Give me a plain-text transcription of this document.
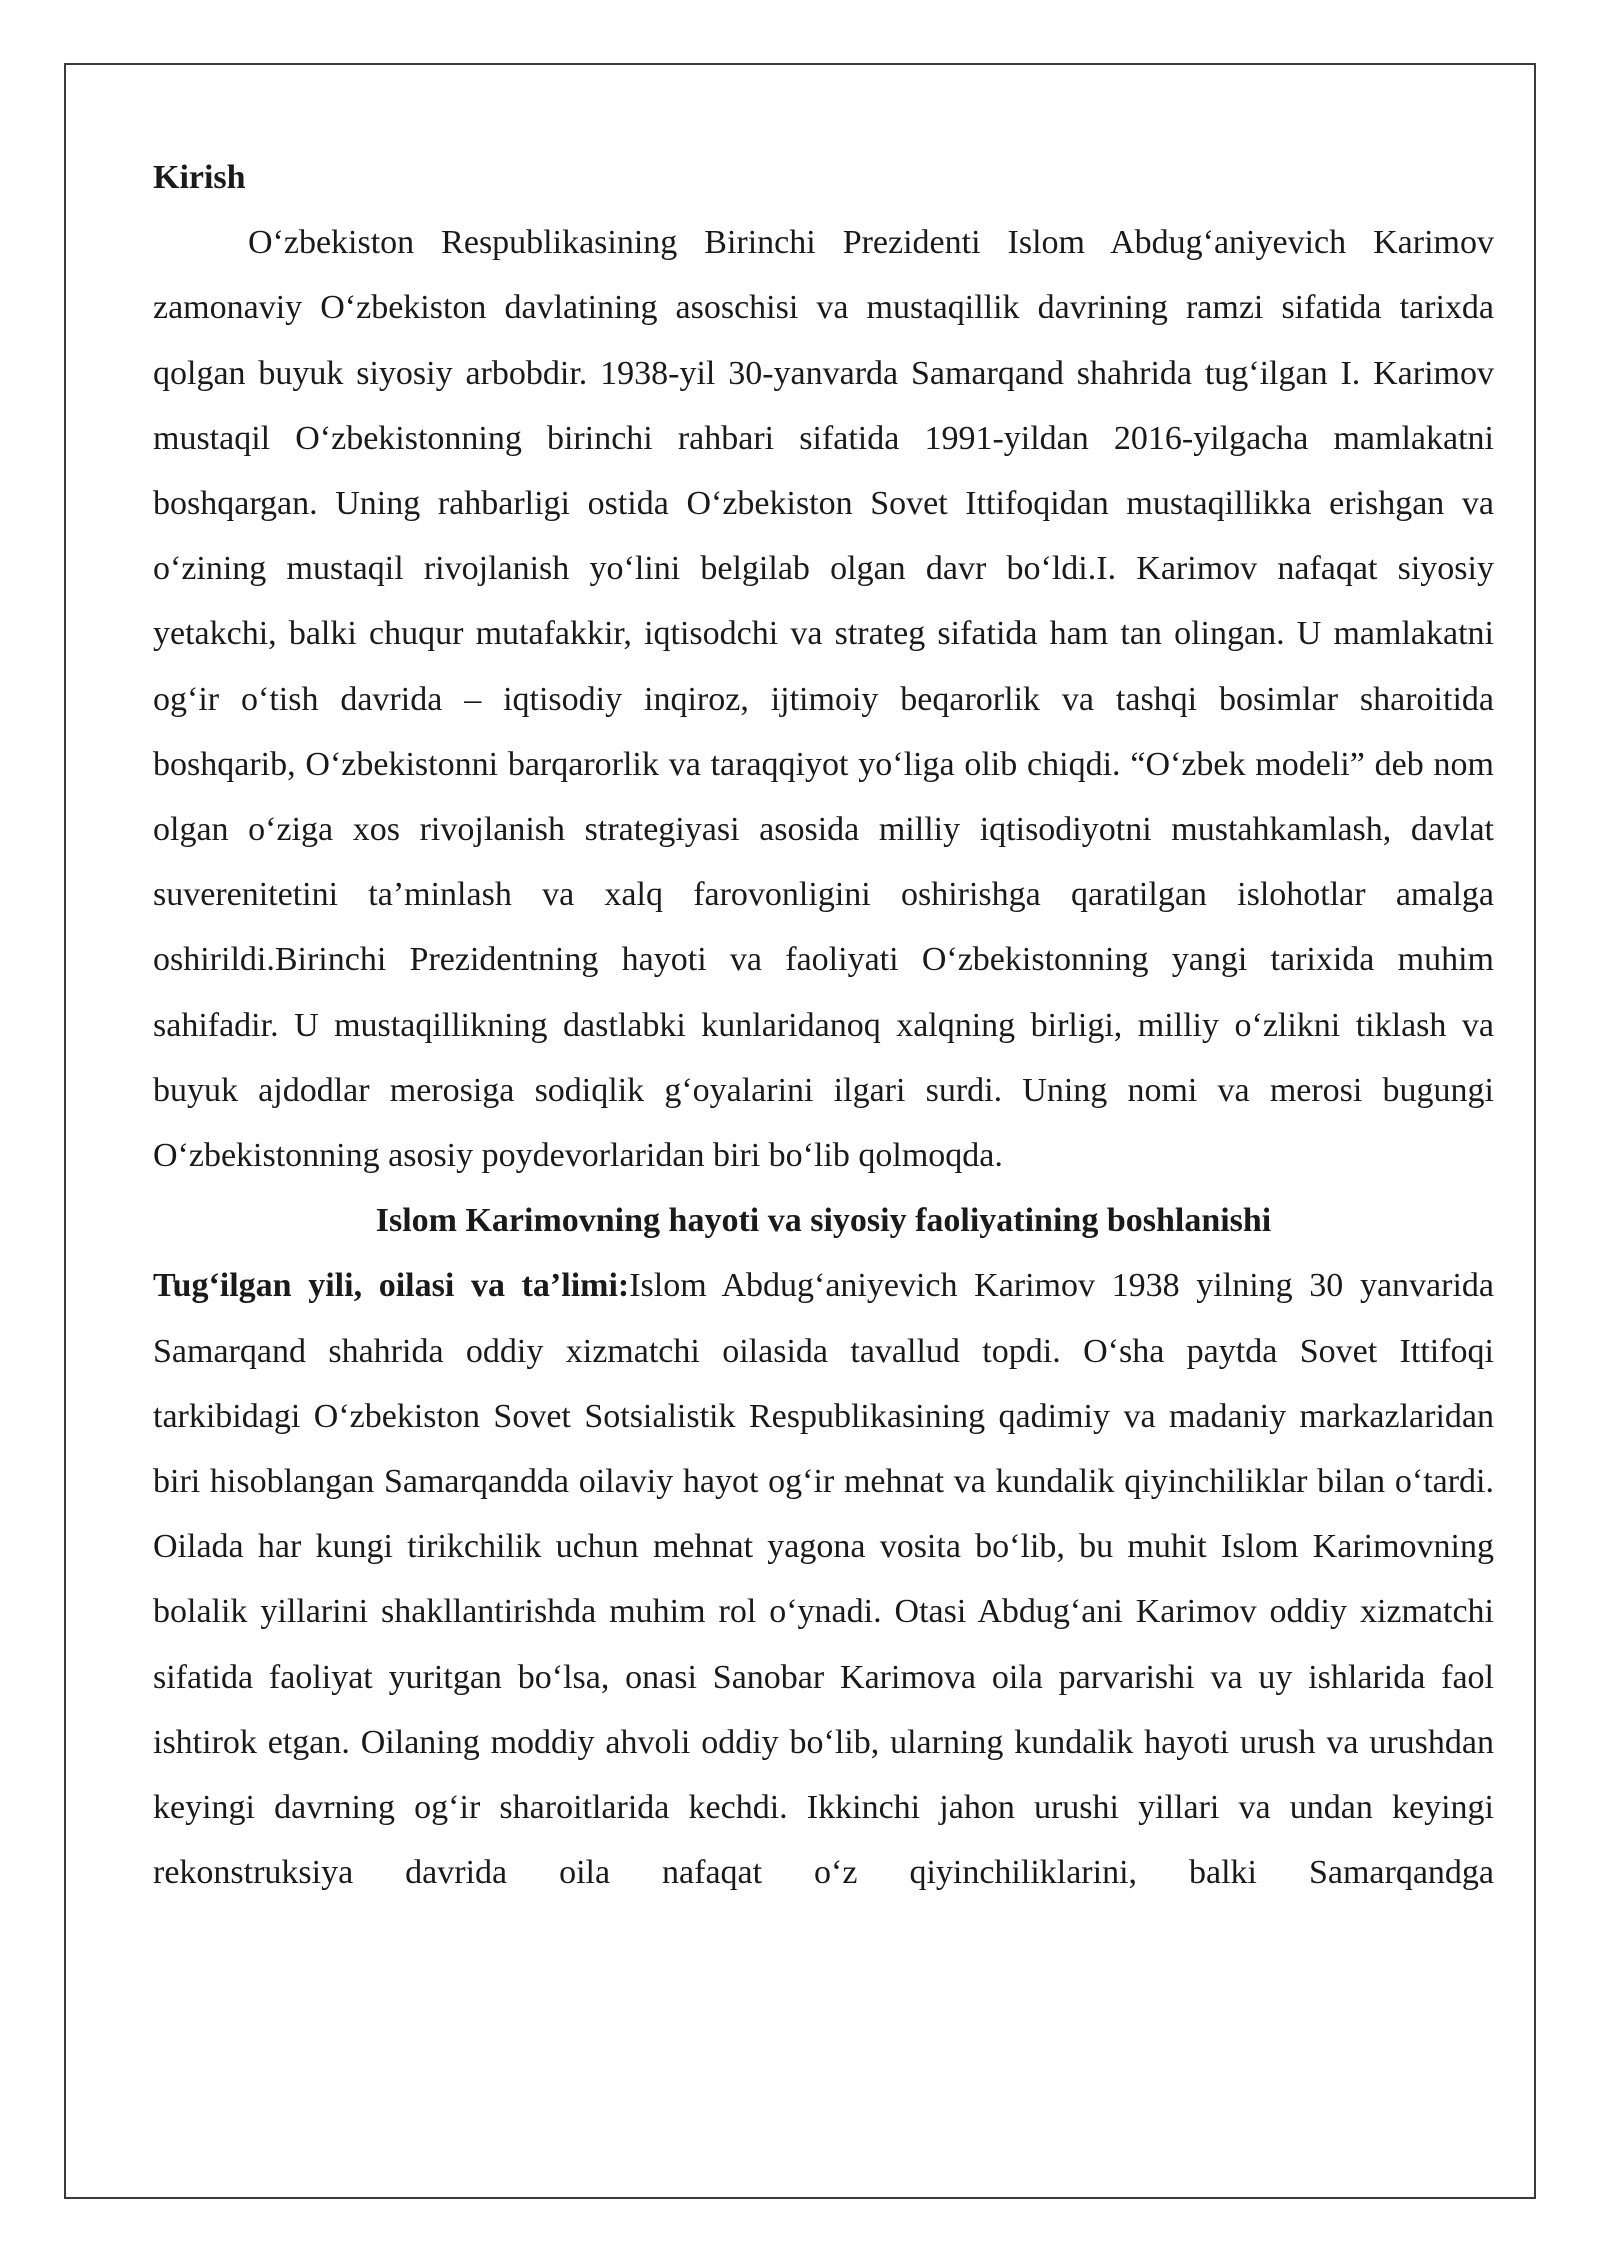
Kirish

O‘zbekiston Respublikasining Birinchi Prezidenti Islom Abdug‘aniyevich Karimov zamonaviy O‘zbekiston davlatining asoschisi va mustaqillik davrining ramzi sifatida tarixda qolgan buyuk siyosiy arbobdir. 1938-yil 30-yanvarda Samarqand shahrida tug‘ilgan I. Karimov mustaqil O‘zbekistonning birinchi rahbari sifatida 1991-yildan 2016-yilgacha mamlakatni boshqargan. Uning rahbarligi ostida O‘zbekiston Sovet Ittifoqidan mustaqillikka erishgan va o‘zining mustaqil rivojlanish yo‘lini belgilab olgan davr bo‘ldi.I. Karimov nafaqat siyosiy yetakchi, balki chuqur mutafakkir, iqtisodchi va strateg sifatida ham tan olingan. U mamlakatni og‘ir o‘tish davrida – iqtisodiy inqiroz, ijtimoiy beqarorlik va tashqi bosimlar sharoitida boshqarib, O‘zbekistonni barqarorlik va taraqqiyot yo‘liga olib chiqdi. “O‘zbek modeli” deb nom olgan o‘ziga xos rivojlanish strategiyasi asosida milliy iqtisodiyotni mustahkamlash, davlat suverenitetini ta’minlash va xalq farovonligini oshirishga qaratilgan islohotlar amalga oshirildi.Birinchi Prezidentning hayoti va faoliyati O‘zbekistonning yangi tarixida muhim sahifadir. U mustaqillikning dastlabki kunlaridanoq xalqning birligi, milliy o‘zlikni tiklash va buyuk ajdodlar merosiga sodiqlik g‘oyalarini ilgari surdi. Uning nomi va merosi bugungi O‘zbekistonning asosiy poydevorlaridan biri bo‘lib qolmoqda.

Islom Karimovning hayoti va siyosiy faoliyatining boshlanishi

Tug‘ilgan yili, oilasi va ta’limi:Islom Abdug‘aniyevich Karimov 1938 yilning 30 yanvarida Samarqand shahrida oddiy xizmatchi oilasida tavallud topdi. O‘sha paytda Sovet Ittifoqi tarkibidagi O‘zbekiston Sovet Sotsialistik Respublikasining qadimiy va madaniy markazlaridan biri hisoblangan Samarqandda oilaviy hayot og‘ir mehnat va kundalik qiyinchiliklar bilan o‘tardi. Oilada har kungi tirikchilik uchun mehnat yagona vosita bo‘lib, bu muhit Islom Karimovning bolalik yillarini shakllantirishda muhim rol o‘ynadi. Otasi Abdug‘ani Karimov oddiy xizmatchi sifatida faoliyat yuritgan bo‘lsa, onasi Sanobar Karimova oila parvarishi va uy ishlarida faol ishtirok etgan. Oilaning moddiy ahvoli oddiy bo‘lib, ularning kundalik hayoti urush va urushdan keyingi davrning og‘ir sharoitlarida kechdi. Ikkinchi jahon urushi yillari va undan keyingi rekonstruksiya davrida oila nafaqat o‘z qiyinchiliklarini, balki Samarqandga
